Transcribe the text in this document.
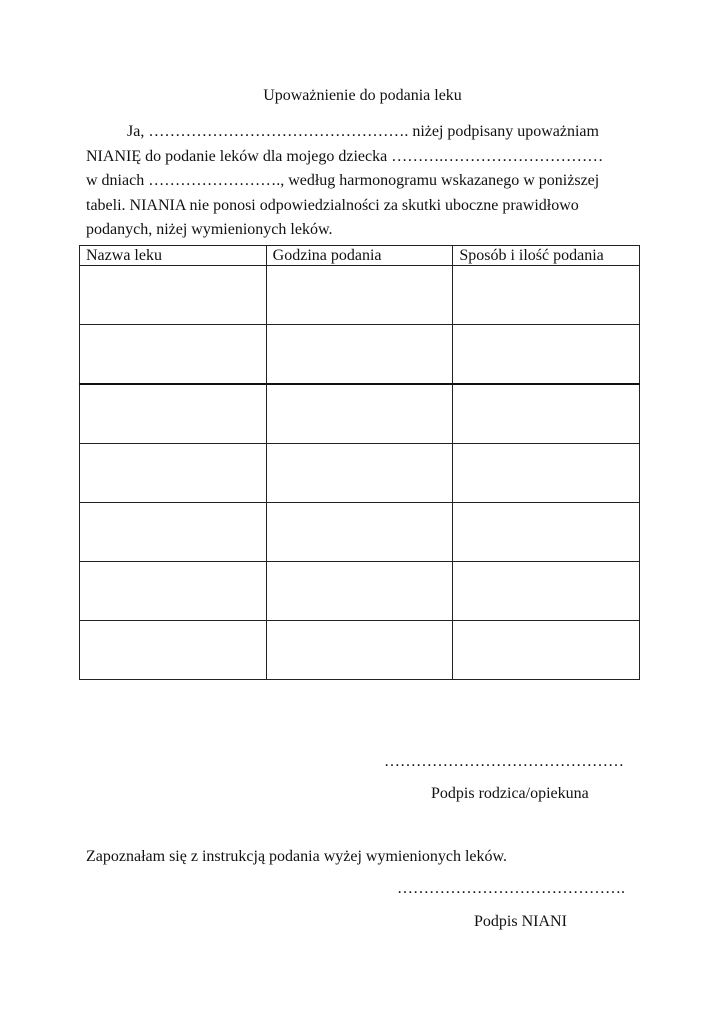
Upoważnienie do podania leku
Ja, …………………………………………. niżej podpisany upoważniam
NIANIĘ do podanie leków dla mojego dziecka ……….…………………………
w dniach ……………………., według harmonogramu wskazanego w poniższej
tabeli. NIANIA nie ponosi odpowiedzialności za skutki uboczne prawidłowo
podanych, niżej wymienionych leków.
Nazwa leku	Godzina podania	Sposób i ilość podania

………………………………………
Podpis rodzica/opiekuna
Zapoznałam się z instrukcją podania wyżej wymienionych leków.
…………………………………….
Podpis NIANI
